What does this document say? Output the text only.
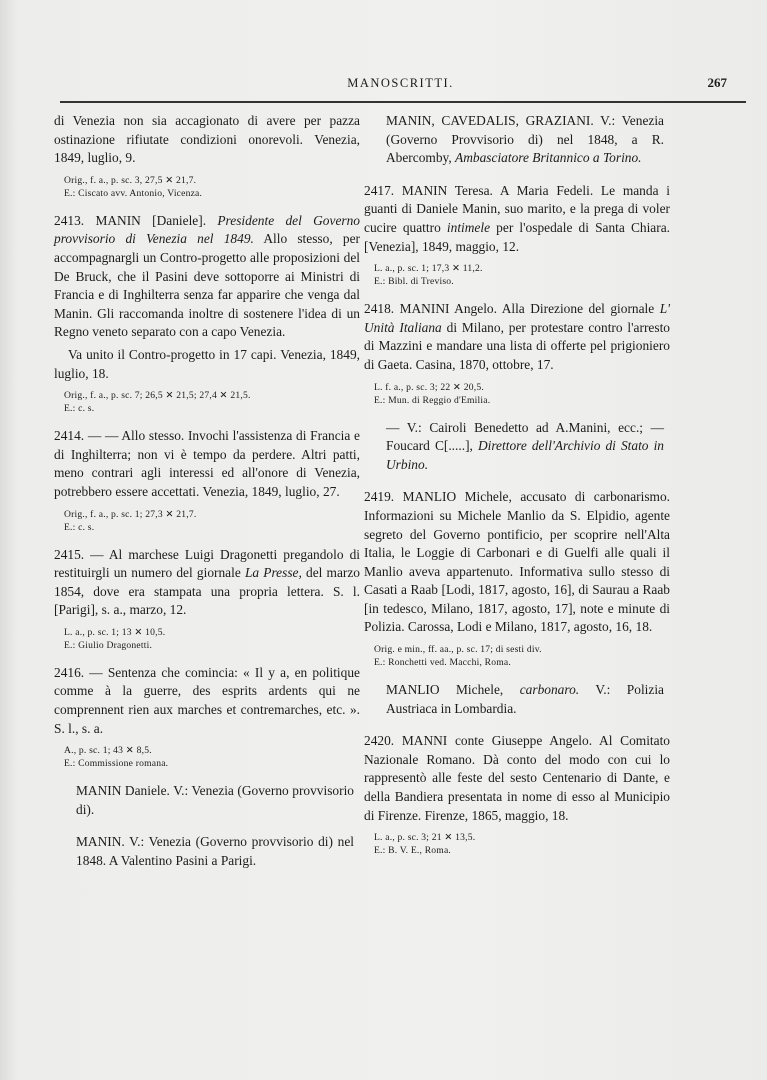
MANOSCRITTI.	267

di Venezia non sia accagionato di avere per pazza ostinazione rifiutate condizioni onorevoli. Venezia, 1849, luglio, 9.

Orig., f. a., p. sc. 3, 27,5 ✕ 21,7.
E.: Ciscato avv. Antonio, Vicenza.

2413. MANIN [Daniele]. Presidente del Governo provvisorio di Venezia nel 1849. Allo stesso, per accompagnargli un Contro-progetto alle proposizioni del De Bruck, che il Pasini deve sottoporre ai Ministri di Francia e di Inghilterra senza far apparire che venga dal Manin. Gli raccomanda inoltre di sostenere l'idea di un Regno veneto separato con a capo Venezia.

Va unito il Contro-progetto in 17 capi. Venezia, 1849, luglio, 18.

Orig., f. a., p. sc. 7; 26,5 ✕ 21,5; 27,4 ✕ 21,5.
E.: c. s.

2414. — — Allo stesso. Invochi l'assistenza di Francia e di Inghilterra; non vi è tempo da perdere. Altri patti, meno contrari agli interessi ed all'onore di Venezia, potrebbero essere accettati. Venezia, 1849, luglio, 27.

Orig., f. a., p. sc. 1; 27,3 ✕ 21,7.
E.: c. s.

2415. — Al marchese Luigi Dragonetti pregandolo di restituirgli un numero del giornale La Presse, del marzo 1854, dove era stampata una propria lettera. S. l. [Parigi], s. a., marzo, 12.

L. a., p. sc. 1; 13 ✕ 10,5.
E.: Giulio Dragonetti.

2416. — Sentenza che comincia: « Il y a, en politique comme à la guerre, des esprits ardents qui ne comprennent rien aux marches et contremarches, etc. ». S. l., s. a.

A., p. sc. 1; 43 ✕ 8,5.
E.: Commissione romana.

MANIN Daniele. V.: Venezia (Governo provvisorio di).

MANIN. V.: Venezia (Governo provvisorio di) nel 1848. A Valentino Pasini a Parigi.

MANIN, CAVEDALIS, GRAZIANI. V.: Venezia (Governo Provvisorio di) nel 1848, a R. Abercomby, Ambasciatore Britannico a Torino.

2417. MANIN Teresa. A Maria Fedeli. Le manda i guanti di Daniele Manin, suo marito, e la prega di voler cucire quattro intimele per l'ospedale di Santa Chiara. [Venezia], 1849, maggio, 12.

L. a., p. sc. 1; 17,3 ✕ 11,2.
E.: Bibl. di Treviso.

2418. MANINI Angelo. Alla Direzione del giornale L' Unità Italiana di Milano, per protestare contro l'arresto di Mazzini e mandare una lista di offerte pel prigioniero di Gaeta. Casina, 1870, ottobre, 17.

L. f. a., p. sc. 3; 22 ✕ 20,5.
E.: Mun. di Reggio d'Emilia.

— V.: Cairoli Benedetto ad A.Manini, ecc.; — Foucard C[.....], Direttore dell'Archivio di Stato in Urbino.

2419. MANLIO Michele, accusato di carbonarismo. Informazioni su Michele Manlio da S. Elpidio, agente segreto del Governo pontificio, per scoprire nell'Alta Italia, le Loggie di Carbonari e di Guelfi alle quali il Manlio aveva appartenuto. Informativa sullo stesso di Casati a Raab [Lodi, 1817, agosto, 16], di Saurau a Raab [in tedesco, Milano, 1817, agosto, 17], note e minute di Polizia. Carossa, Lodi e Milano, 1817, agosto, 16, 18.

Orig. e min., ff. aa., p. sc. 17; di sesti div.
E.: Ronchetti ved. Macchi, Roma.

MANLIO Michele, carbonaro. V.: Polizia Austriaca in Lombardia.

2420. MANNI conte Giuseppe Angelo. Al Comitato Nazionale Romano. Dà conto del modo con cui lo rappresentò alle feste del sesto Centenario di Dante, e della Bandiera presentata in nome di esso al Municipio di Firenze. Firenze, 1865, maggio, 18.

L. a., p. sc. 3; 21 ✕ 13,5.
E.: B. V. E., Roma.
